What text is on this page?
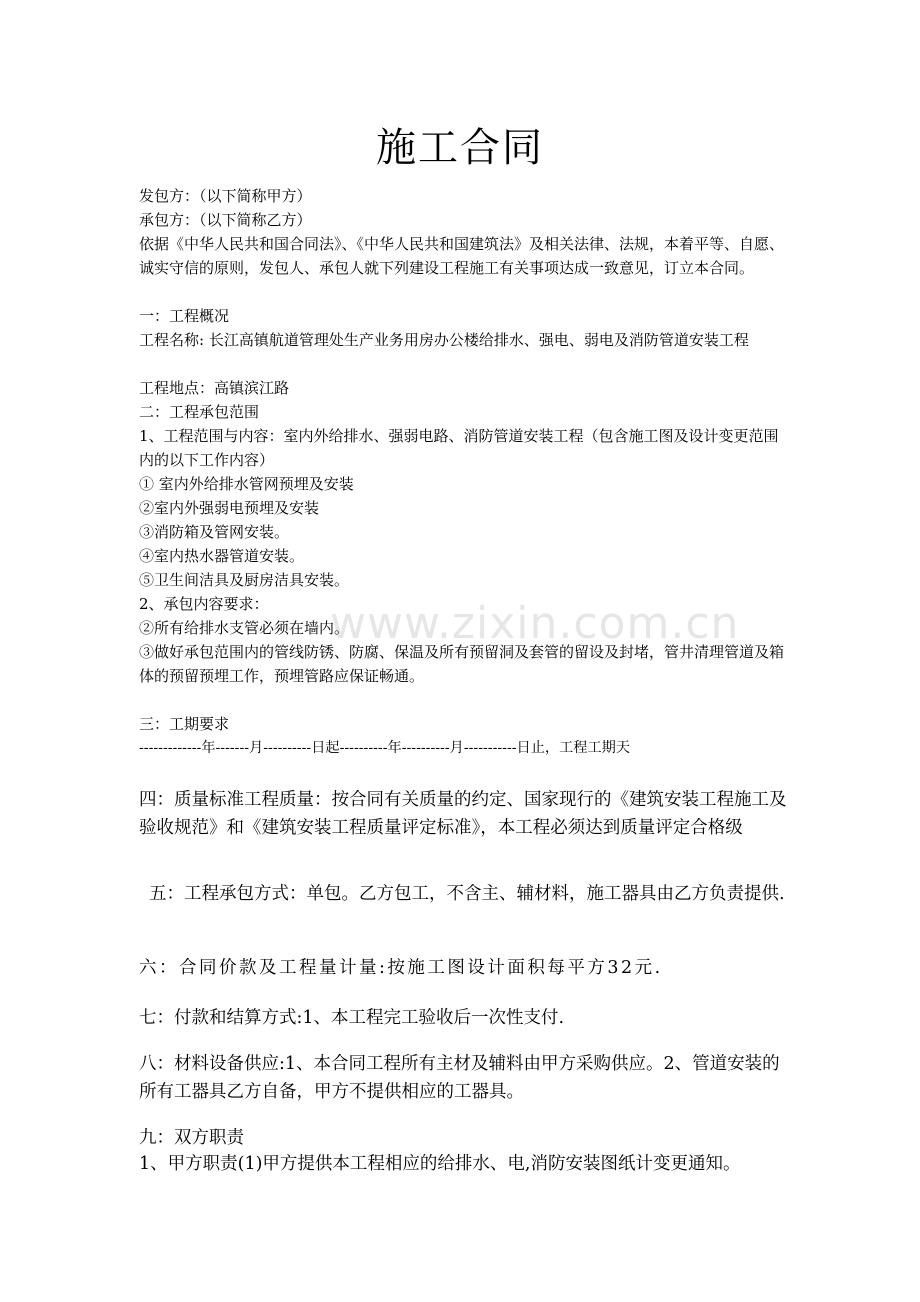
www.zixin.com.cn
施工合同
发包方：（以下简称甲方）
承包方：（以下简称乙方）
依据《中华人民共和国合同法》、《中华人民共和国建筑法》及相关法律、法规，本着平等、自愿、诚实守信的原则，发包人、承包人就下列建设工程施工有关事项达成一致意见，订立本合同。
一：工程概况
工程名称: 长江高镇航道管理处生产业务用房办公楼给排水、强电、弱电及消防管道安装工程
工程地点：高镇滨江路
二：工程承包范围
1、工程范围与内容：室内外给排水、强弱电路、消防管道安装工程（包含施工图及设计变更范围内的以下工作内容）
① 室内外给排水管网预埋及安装
②室内外强弱电预埋及安装
③消防箱及管网安装。
④室内热水器管道安装。
⑤卫生间洁具及厨房洁具安装。
2、承包内容要求：
②所有给排水支管必须在墙内。
③做好承包范围内的管线防锈、防腐、保温及所有预留洞及套管的留设及封堵，管井清理管道及箱体的预留预埋工作，预埋管路应保证畅通。
三：工期要求
-------------年-------月----------日起----------年----------月-----------日止，工程工期天
四：质量标准工程质量：按合同有关质量的约定、国家现行的《建筑安装工程施工及验收规范》和《建筑安装工程质量评定标准》，本工程必须达到质量评定合格级
五：工程承包方式：单包。乙方包工，不含主、辅材料，施工器具由乙方负责提供.
六：合同价款及工程量计量:按施工图设计面积每平方32元.
七：付款和结算方式:1、本工程完工验收后一次性支付.
八：材料设备供应:1、本合同工程所有主材及辅料由甲方采购供应。2、管道安装的所有工器具乙方自备，甲方不提供相应的工器具。
九：双方职责
1、甲方职责(1)甲方提供本工程相应的给排水、电,消防安装图纸计变更通知。
